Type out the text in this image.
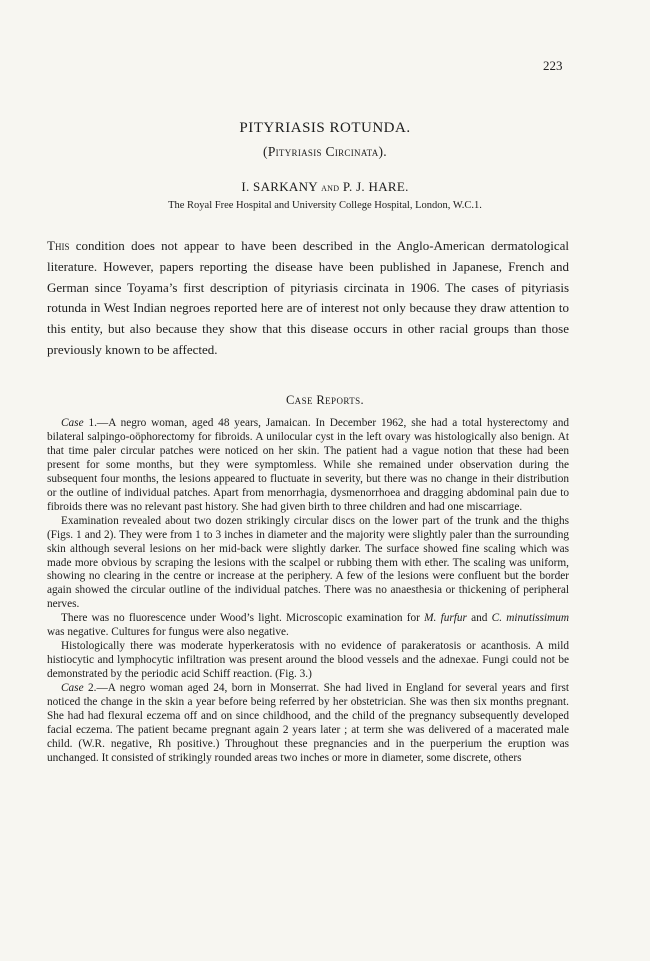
223
PITYRIASIS ROTUNDA.
(Pityriasis Circinata).
I. SARKANY and P. J. HARE.
The Royal Free Hospital and University College Hospital, London, W.C.1.
This condition does not appear to have been described in the Anglo-American dermatological literature. However, papers reporting the disease have been published in Japanese, French and German since Toyama’s first description of pityriasis circinata in 1906. The cases of pityriasis rotunda in West Indian negroes reported here are of interest not only because they draw attention to this entity, but also because they show that this disease occurs in other racial groups than those previously known to be affected.
Case Reports.

Case 1.—A negro woman, aged 48 years, Jamaican. In December 1962, she had a total hysterectomy and bilateral salpingo-oöphorectomy for fibroids. A unilocular cyst in the left ovary was histologically also benign. At that time paler circular patches were noticed on her skin. The patient had a vague notion that these had been present for some months, but they were symptomless. While she remained under observation during the subsequent four months, the lesions appeared to fluctuate in severity, but there was no change in their distribution or the outline of individual patches. Apart from menorrhagia, dysmenorrhoea and dragging abdominal pain due to fibroids there was no relevant past history. She had given birth to three children and had one miscarriage.

Examination revealed about two dozen strikingly circular discs on the lower part of the trunk and the thighs (Figs. 1 and 2). They were from 1 to 3 inches in diameter and the majority were slightly paler than the surrounding skin although several lesions on her mid-back were slightly darker. The surface showed fine scaling which was made more obvious by scraping the lesions with the scalpel or rubbing them with ether. The scaling was uniform, showing no clearing in the centre or increase at the periphery. A few of the lesions were confluent but the border again showed the circular outline of the individual patches. There was no anaesthesia or thickening of peripheral nerves.

There was no fluorescence under Wood’s light. Microscopic examination for M. furfur and C. minutissimum was negative. Cultures for fungus were also negative.

Histologically there was moderate hyperkeratosis with no evidence of parakeratosis or acanthosis. A mild histiocytic and lymphocytic infiltration was present around the blood vessels and the adnexae. Fungi could not be demonstrated by the periodic acid Schiff reaction. (Fig. 3.)

Case 2.—A negro woman aged 24, born in Monserrat. She had lived in England for several years and first noticed the change in the skin a year before being referred by her obstetrician. She was then six months pregnant. She had had flexural eczema off and on since childhood, and the child of the pregnancy subsequently developed facial eczema. The patient became pregnant again 2 years later ; at term she was delivered of a macerated male child. (W.R. negative, Rh positive.) Throughout these pregnancies and in the puerperium the eruption was unchanged. It consisted of strikingly rounded areas two inches or more in diameter, some discrete, others
